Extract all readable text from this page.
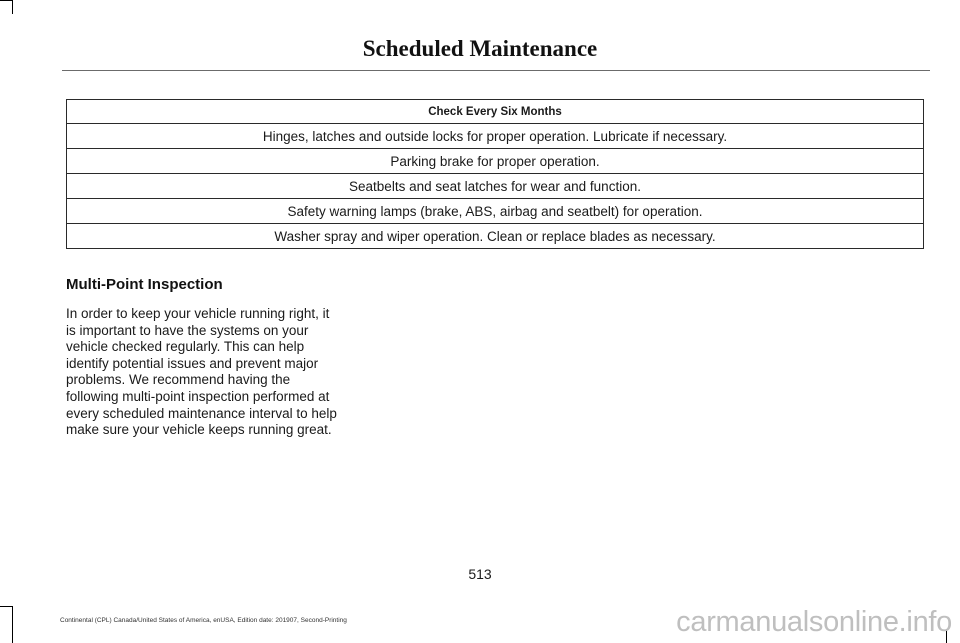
Scheduled Maintenance
Check Every Six Months
Hinges, latches and outside locks for proper operation. Lubricate if necessary.
Parking brake for proper operation.
Seatbelts and seat latches for wear and function.
Safety warning lamps (brake, ABS, airbag and seatbelt) for operation.
Washer spray and wiper operation. Clean or replace blades as necessary.
Multi-Point Inspection
In order to keep your vehicle running right, it is important to have the systems on your vehicle checked regularly. This can help identify potential issues and prevent major problems. We recommend having the following multi-point inspection performed at every scheduled maintenance interval to help make sure your vehicle keeps running great.
513
Continental (CPL) Canada/United States of America, enUSA, Edition date: 201907, Second-Printing	carmanualsonline.info
